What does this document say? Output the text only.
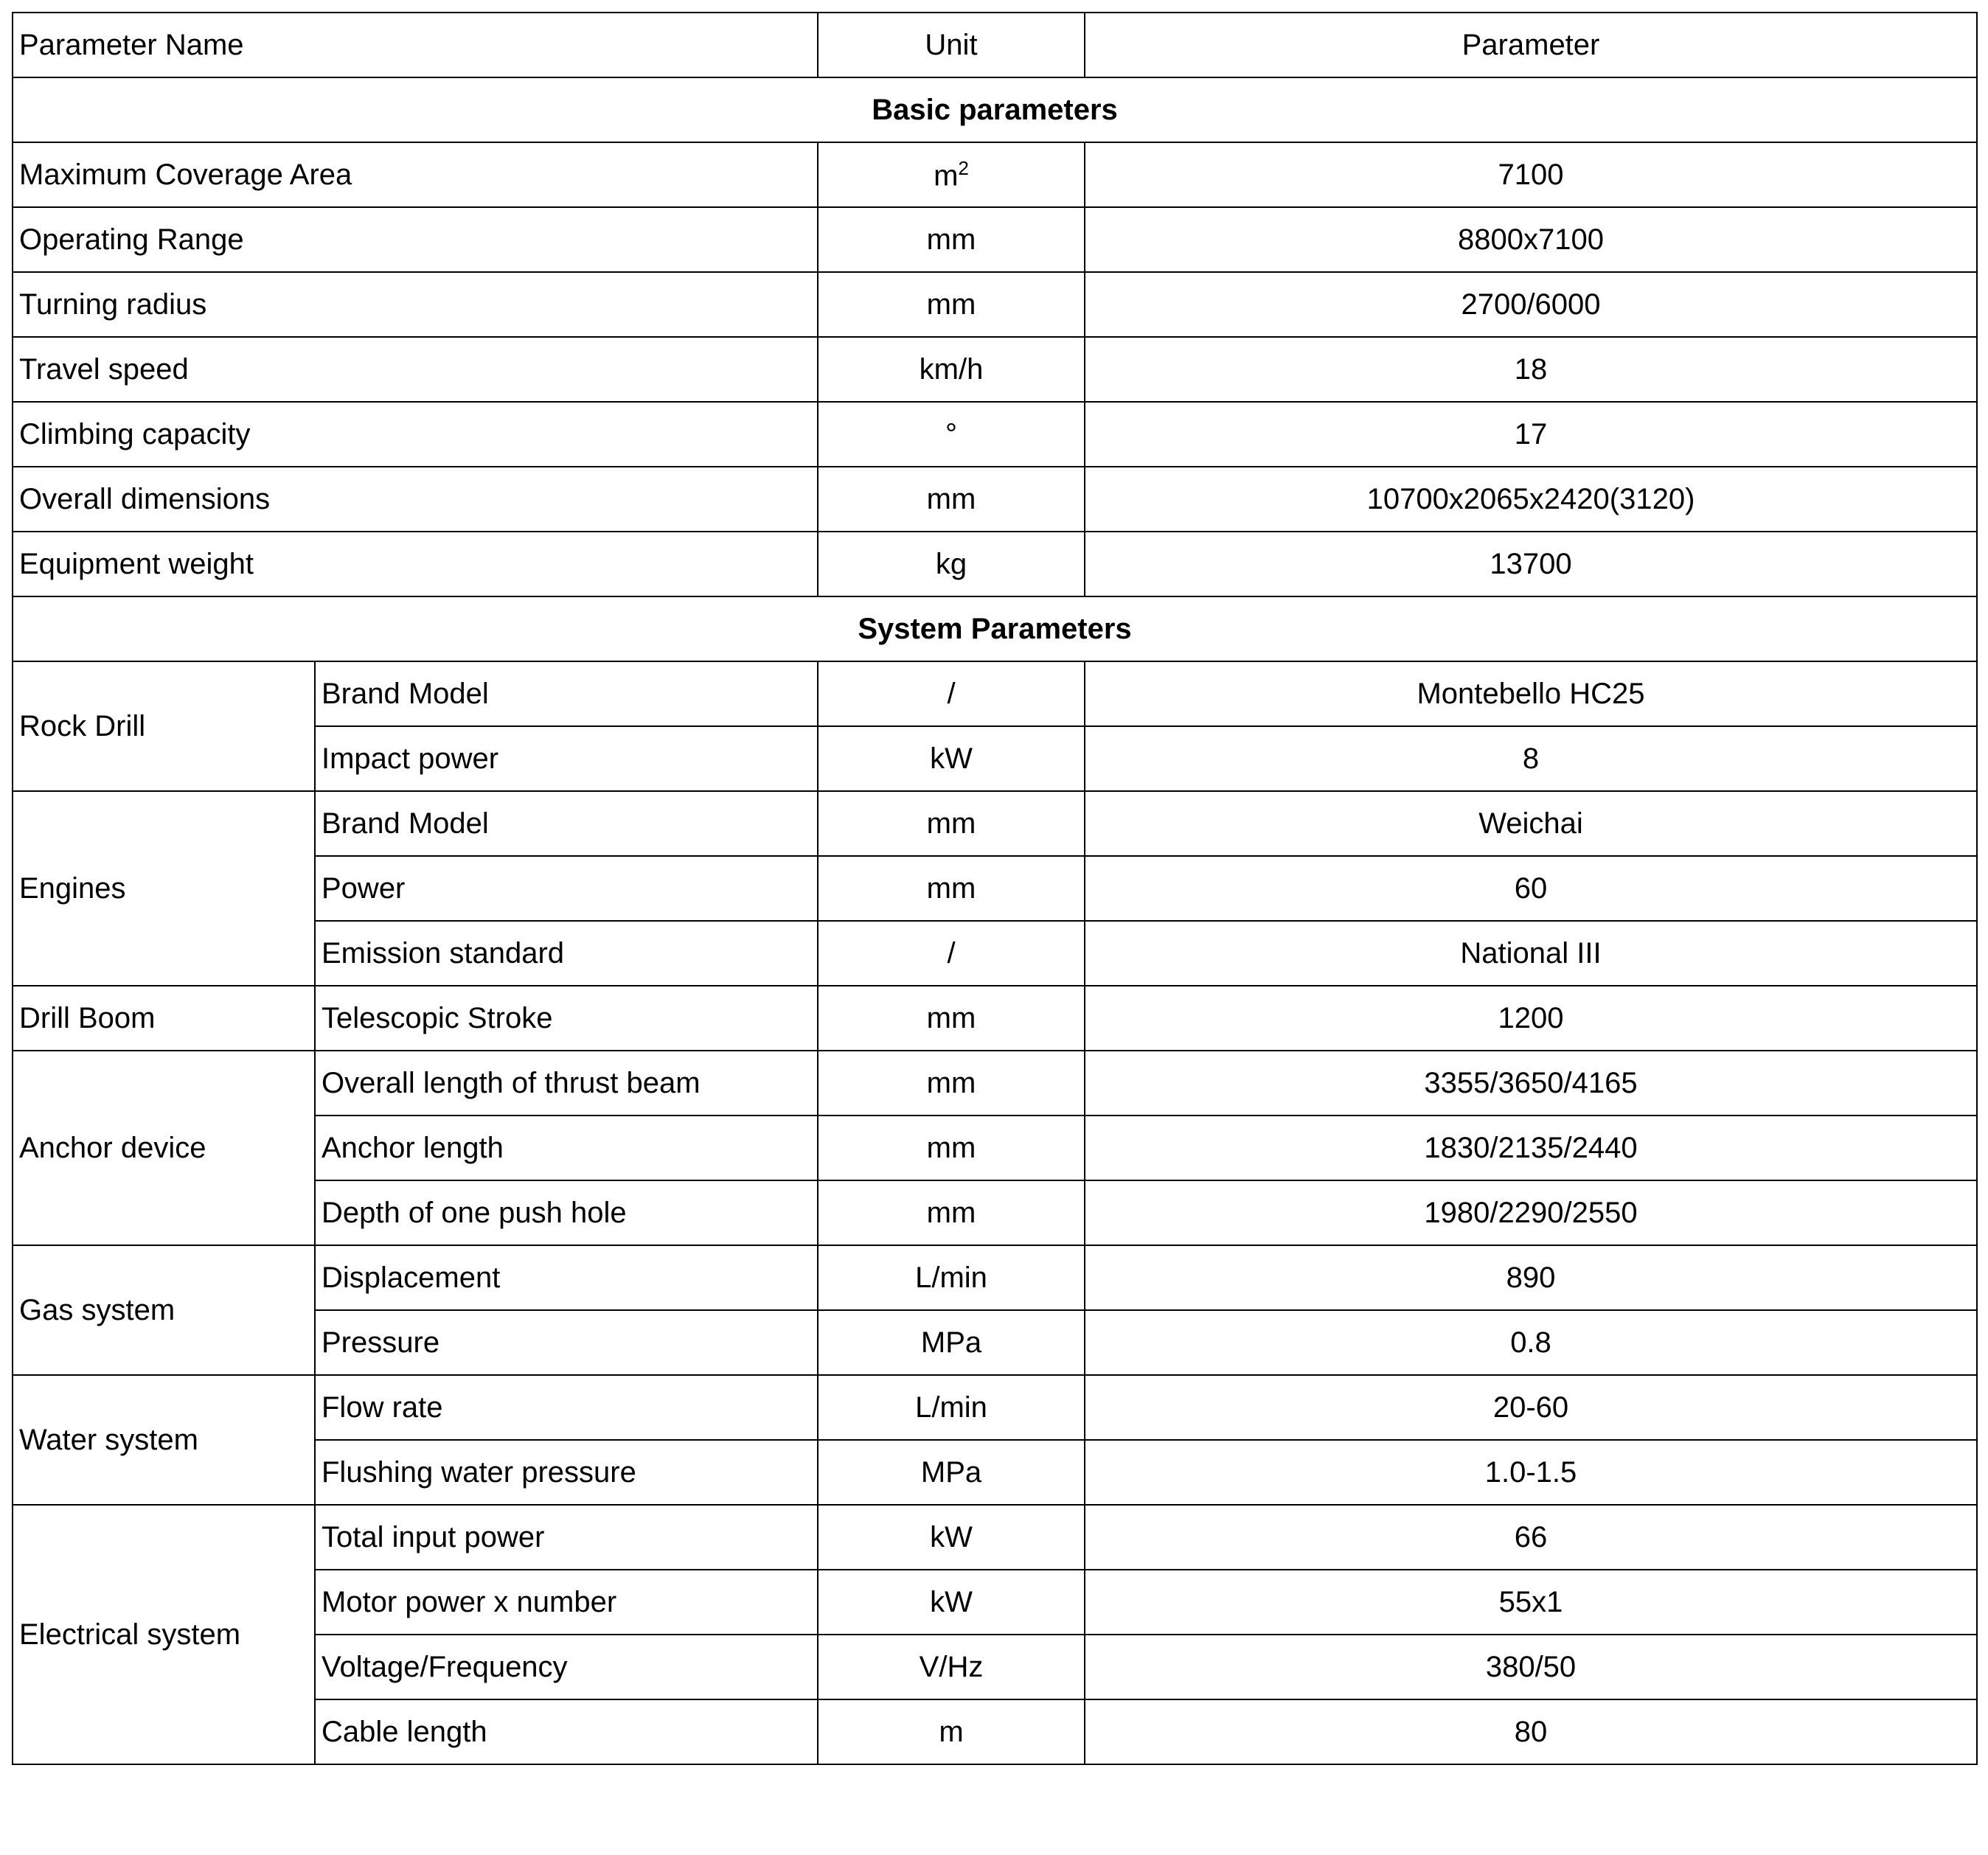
Parameter Name		Unit	Parameter
Basic parameters			
Maximum Coverage Area		$m^2$	7100
Operating Range		mm	8800x7100
Turning radius		mm	2700/6000
Travel speed		km/h	18
Climbing capacity		°	17
Overall dimensions		mm	10700x2065x2420(3120)
Equipment weight		kg	13700
System Parameters			
Rock Drill	Brand Model	/	Montebello HC25
	Impact power	kW	8
Engines	Brand Model	mm	Weichai
	Power	mm	60
	Emission standard	/	National III
Drill Boom	Telescopic Stroke	mm	1200
Anchor device	Overall length of thrust beam	mm	3355/3650/4165
	Anchor length	mm	1830/2135/2440
	Depth of one push hole	mm	1980/2290/2550
Gas system	Displacement	L/min	890
	Pressure	MPa	0.8
Water system	Flow rate	L/min	20-60
	Flushing water pressure	MPa	1.0-1.5
Electrical system	Total input power	kW	66
	Motor power x number	kW	55x1
	Voltage/Frequency	V/Hz	380/50
	Cable length	m	80
